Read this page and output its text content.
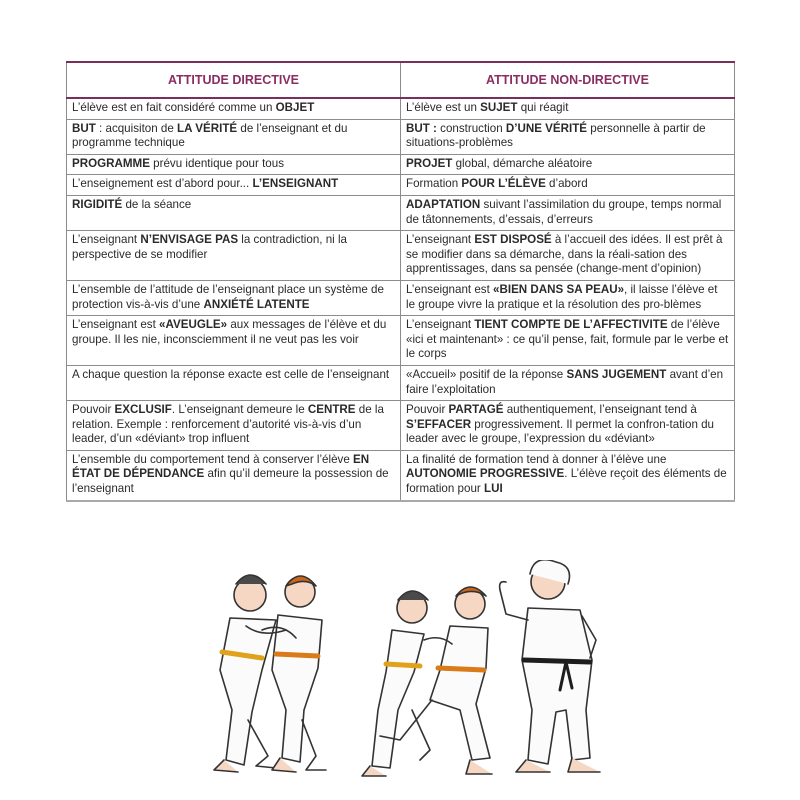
ATTITUDE DIRECTIVE	ATTITUDE NON-DIRECTIVE
L’élève est en fait considéré comme un OBJET	L’élève est un SUJET qui réagit
BUT : acquisiton de LA VÉRITÉ de l’enseignant et du programme technique	BUT : construction D’UNE VÉRITÉ personnelle à partir de situations-problèmes
PROGRAMME prévu identique pour tous	PROJET global, démarche aléatoire
L’enseignement est d’abord pour... L’ENSEIGNANT	Formation POUR L’ÉLÈVE d’abord
RIGIDITÉ de la séance	ADAPTATION suivant l’assimilation du groupe, temps normal de tâtonnements, d’essais, d’erreurs
L’enseignant N’ENVISAGE PAS la contradiction, ni la perspective de se modifier	L’enseignant EST DISPOSÉ à l’accueil des idées. Il est prêt à se modifier dans sa démarche, dans la réali-sation des apprentissages, dans sa pensée (change-ment d’opinion)
L’ensemble de l’attitude de l’enseignant place un système de protection vis-à-vis d’une ANXIÉTÉ LATENTE	L’enseignant est «BIEN DANS SA PEAU», il laisse l’élève et le groupe vivre la pratique et la résolution des pro-blèmes
L’enseignant est «AVEUGLE» aux messages de l’élève et du groupe. Il les nie, inconsciemment il ne veut pas les voir	L’enseignant TIENT COMPTE DE L’AFFECTIVITE de l’élève «ici et maintenant» : ce qu’il pense, fait, formule par le verbe et le corps
A chaque question la réponse exacte est celle de l’enseignant	«Accueil» positif de la réponse SANS JUGEMENT avant d’en faire l’exploitation
Pouvoir EXCLUSIF. L’enseignant demeure le CENTRE de la relation. Exemple : renforcement d’autorité vis-à-vis d’un leader, d’un «déviant» trop influent	Pouvoir PARTAGÉ authentiquement, l’enseignant tend à S’EFFACER progressivement. Il permet la confron-tation du leader avec le groupe, l’expression du «déviant»
L’ensemble du comportement tend à conserver l’élève EN ÉTAT DE DÉPENDANCE afin qu’il demeure la possession de l’enseignant	La finalité de formation tend à donner à l’élève une AUTONOMIE PROGRESSIVE. L’élève reçoit des éléments de formation pour LUI
